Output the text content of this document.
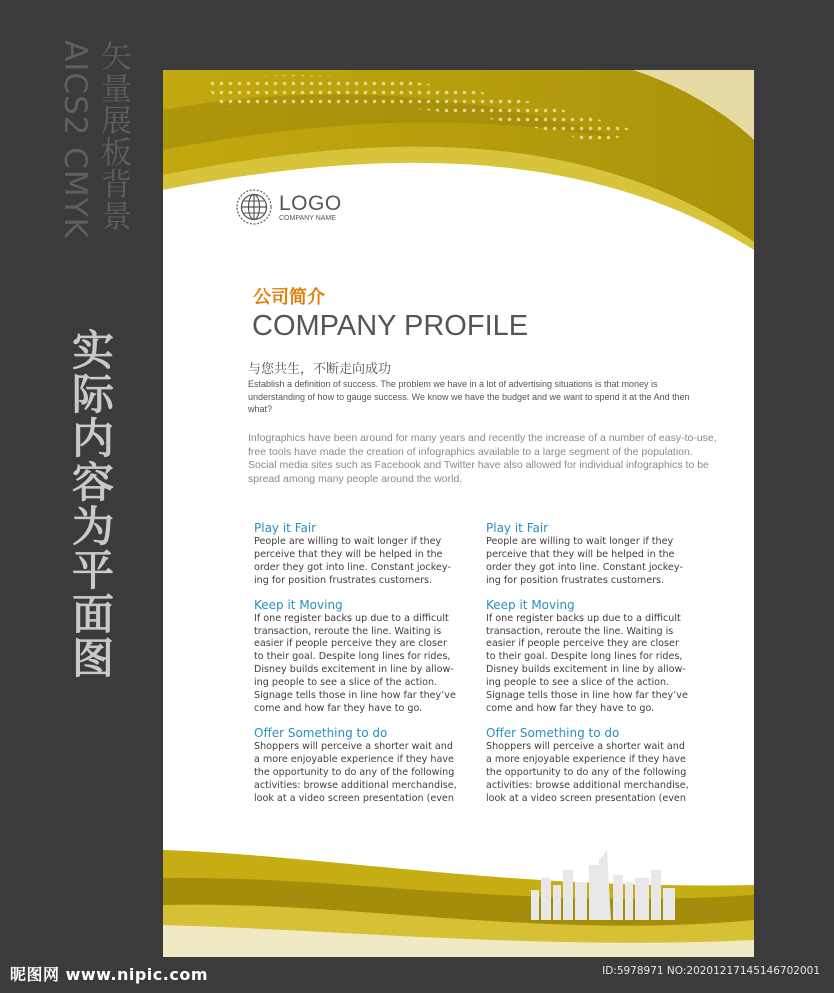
矢量展板背景
AICS2 CMYK
实际内容为平面图
LOGO
COMPANY NAME
公司简介
COMPANY PROFILE
与您共生，不断走向成功
Establish a definition of success. The problem we have in a lot of advertising situations is that money is understanding of how to gauge success. We know we have the budget and we want to spend it at the And then what?
Infographics have been around for many years and recently the increase of a number of easy-to-use, free tools have made the creation of infographics available to a large segment of the population. Social media sites such as Facebook and Twitter have also allowed for individual infographics to be spread among many people around the world.
Play it Fair
People are willing to wait longer if they
perceive that they will be helped in the
order they got into line. Constant jockey-
ing for position frustrates customers.
Keep it Moving
If one register backs up due to a difficult
transaction, reroute the line. Waiting is
easier if people perceive they are closer
to their goal. Despite long lines for rides,
Disney builds excitement in line by allow-
ing people to see a slice of the action.
Signage tells those in line how far they’ve
come and how far they have to go.
Offer Something to do
Shoppers will perceive a shorter wait and
a more enjoyable experience if they have
the opportunity to do any of the following
activities: browse additional merchandise,
look at a video screen presentation (even
Play it Fair
People are willing to wait longer if they
perceive that they will be helped in the
order they got into line. Constant jockey-
ing for position frustrates customers.
Keep it Moving
If one register backs up due to a difficult
transaction, reroute the line. Waiting is
easier if people perceive they are closer
to their goal. Despite long lines for rides,
Disney builds excitement in line by allow-
ing people to see a slice of the action.
Signage tells those in line how far they’ve
come and how far they have to go.
Offer Something to do
Shoppers will perceive a shorter wait and
a more enjoyable experience if they have
the opportunity to do any of the following
activities: browse additional merchandise,
look at a video screen presentation (even
昵图网 www.nipic.com	ID:5978971 NO:20201217145146702001
